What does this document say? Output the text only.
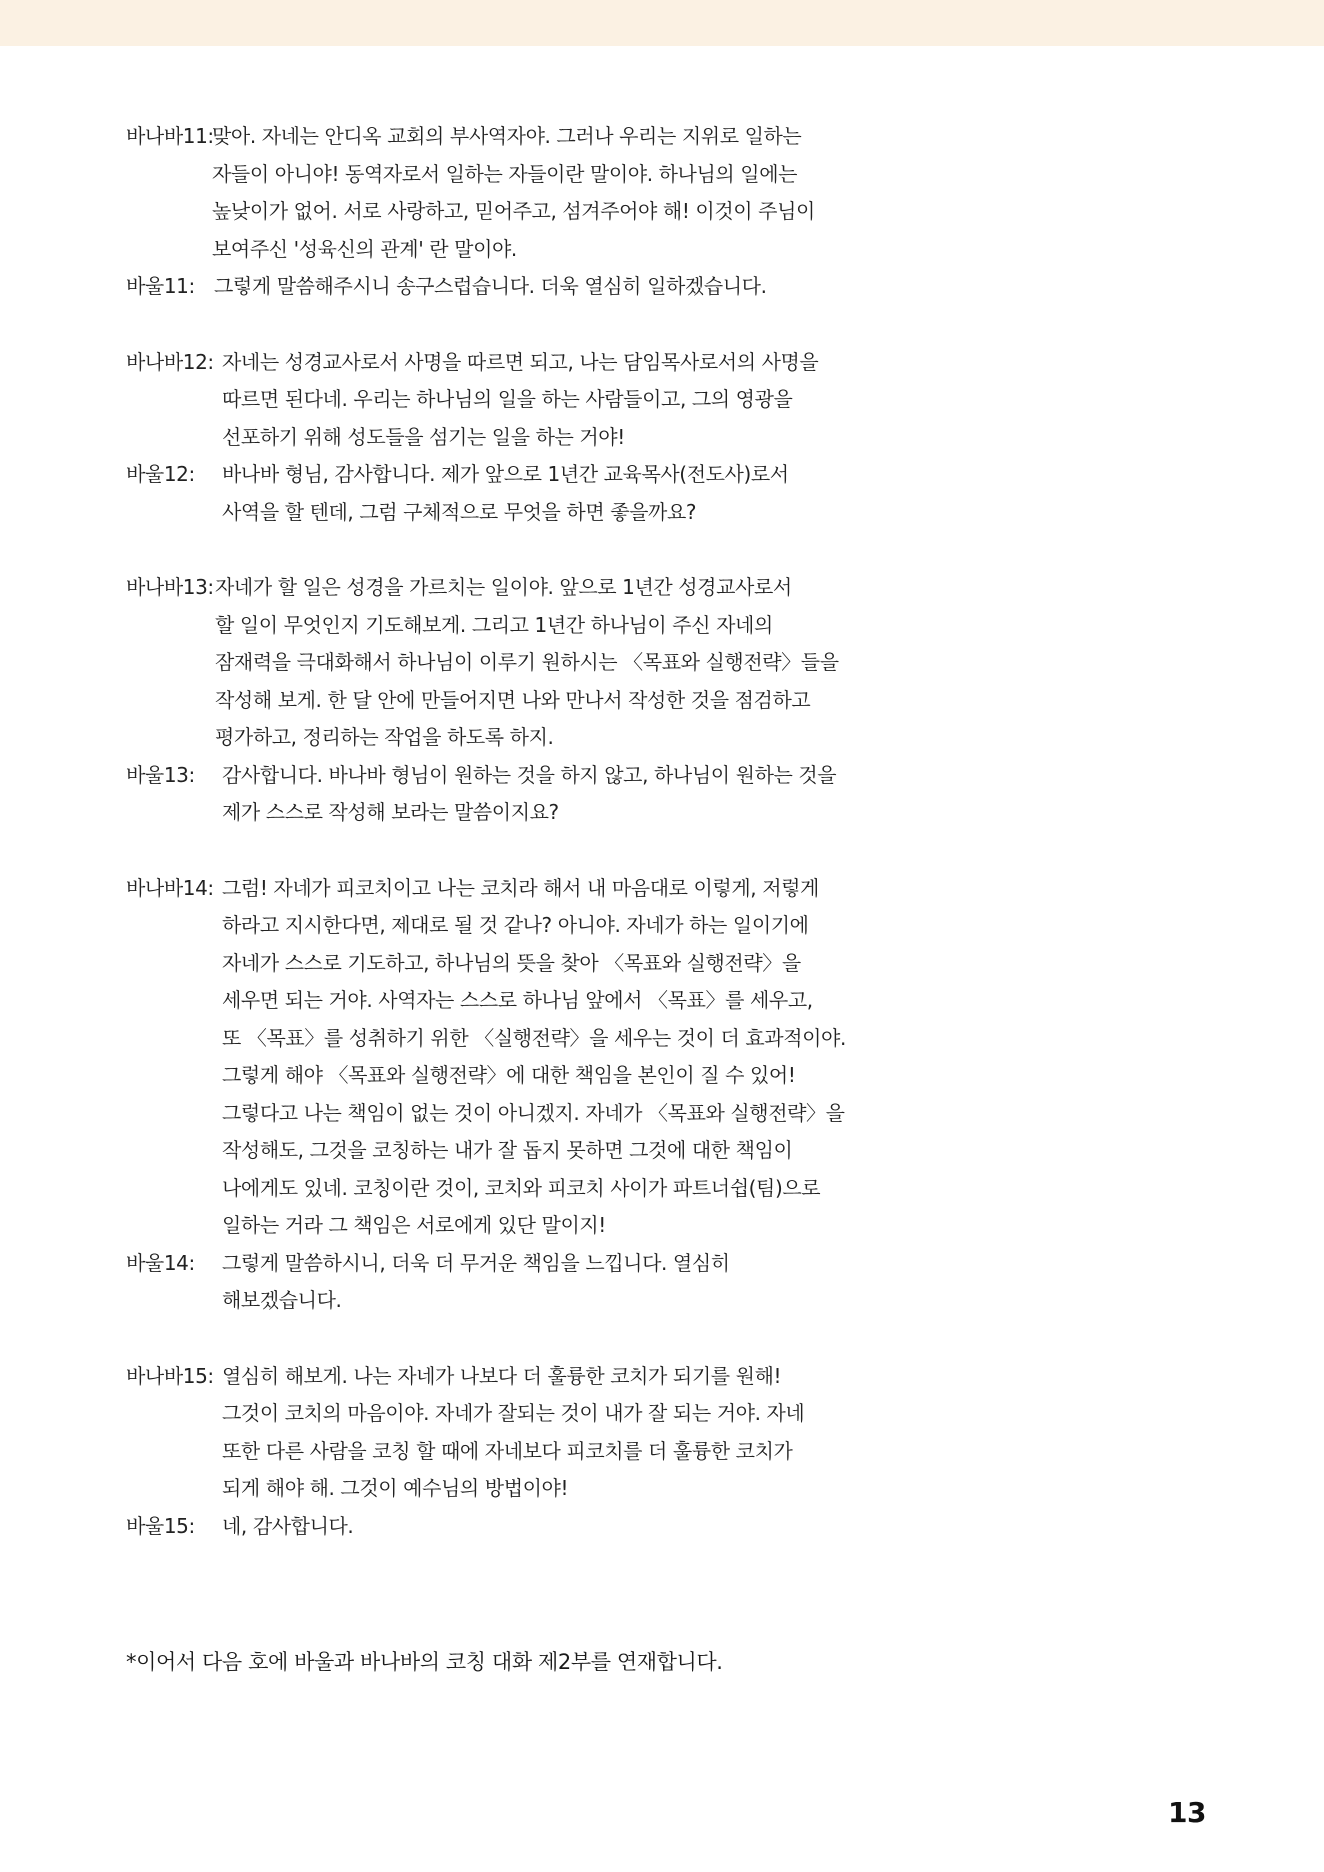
바나바11:
맞아. 자네는 안디옥 교회의 부사역자야. 그러나 우리는 지위로 일하는
자들이 아니야! 동역자로서 일하는 자들이란 말이야. 하나님의 일에는
높낮이가 없어. 서로 사랑하고, 믿어주고, 섬겨주어야 해! 이것이 주님이
보여주신 '성육신의 관계' 란 말이야.
바울11: 그렇게 말씀해주시니 송구스럽습니다. 더욱 열심히 일하겠습니다.
바나바12: 자네는 성경교사로서 사명을 따르면 되고, 나는 담임목사로서의 사명을
따르면 된다네. 우리는 하나님의 일을 하는 사람들이고, 그의 영광을
선포하기 위해 성도들을 섬기는 일을 하는 거야!
바울12: 바나바 형님, 감사합니다. 제가 앞으로 1년간 교육목사(전도사)로서
사역을 할 텐데, 그럼 구체적으로 무엇을 하면 좋을까요?
바나바13: 자네가 할 일은 성경을 가르치는 일이야. 앞으로 1년간 성경교사로서
할 일이 무엇인지 기도해보게. 그리고 1년간 하나님이 주신 자네의
잠재력을 극대화해서 하나님이 이루기 원하시는 〈목표와 실행전략〉들을
작성해 보게. 한 달 안에 만들어지면 나와 만나서 작성한 것을 점검하고
평가하고, 정리하는 작업을 하도록 하지.
바울13: 감사합니다. 바나바 형님이 원하는 것을 하지 않고, 하나님이 원하는 것을
제가 스스로 작성해 보라는 말씀이지요?
바나바14: 그럼! 자네가 피코치이고 나는 코치라 해서 내 마음대로 이렇게, 저렇게
하라고 지시한다면, 제대로 될 것 같나? 아니야. 자네가 하는 일이기에
자네가 스스로 기도하고, 하나님의 뜻을 찾아 〈목표와 실행전략〉을
세우면 되는 거야. 사역자는 스스로 하나님 앞에서 〈목표〉를 세우고,
또 〈목표〉를 성취하기 위한 〈실행전략〉을 세우는 것이 더 효과적이야.
그렇게 해야 〈목표와 실행전략〉에 대한 책임을 본인이 질 수 있어!
그렇다고 나는 책임이 없는 것이 아니겠지. 자네가 〈목표와 실행전략〉을
작성해도, 그것을 코칭하는 내가 잘 돕지 못하면 그것에 대한 책임이
나에게도 있네. 코칭이란 것이, 코치와 피코치 사이가 파트너쉽(팀)으로
일하는 거라 그 책임은 서로에게 있단 말이지!
바울14: 그렇게 말씀하시니, 더욱 더 무거운 책임을 느낍니다. 열심히
해보겠습니다.
바나바15: 열심히 해보게. 나는 자네가 나보다 더 훌륭한 코치가 되기를 원해!
그것이 코치의 마음이야. 자네가 잘되는 것이 내가 잘 되는 거야. 자네
또한 다른 사람을 코칭 할 때에 자네보다 피코치를 더 훌륭한 코치가
되게 해야 해. 그것이 예수님의 방법이야!
바울15: 네, 감사합니다.
*이어서 다음 호에 바울과 바나바의 코칭 대화 제2부를 연재합니다.
13
